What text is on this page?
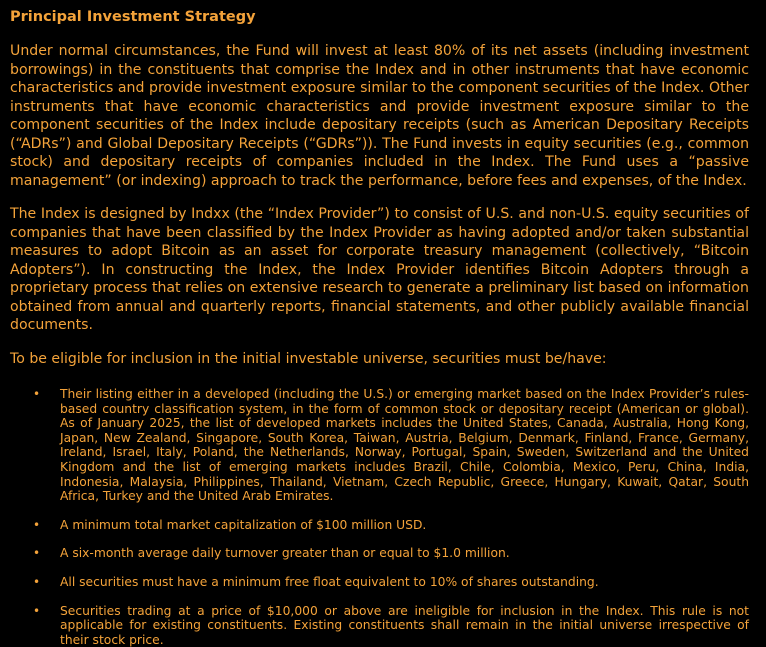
Principal Investment Strategy

Under normal circumstances, the Fund will invest at least 80% of its net assets (including investment borrowings) in the constituents that comprise the Index and in other instruments that have economic characteristics and provide investment exposure similar to the component securities of the Index. Other instruments that have economic characteristics and provide investment exposure similar to the component securities of the Index include depositary receipts (such as American Depositary Receipts (“ADRs”) and Global Depositary Receipts (“GDRs”)). The Fund invests in equity securities (e.g., common stock) and depositary receipts of companies included in the Index. The Fund uses a “passive management” (or indexing) approach to track the performance, before fees and expenses, of the Index.

The Index is designed by Indxx (the “Index Provider”) to consist of U.S. and non-U.S. equity securities of companies that have been classified by the Index Provider as having adopted and/or taken substantial measures to adopt Bitcoin as an asset for corporate treasury management (collectively, “Bitcoin Adopters”). In constructing the Index, the Index Provider identifies Bitcoin Adopters through a proprietary process that relies on extensive research to generate a preliminary list based on information obtained from annual and quarterly reports, financial statements, and other publicly available financial documents.

To be eligible for inclusion in the initial investable universe, securities must be/have:

• Their listing either in a developed (including the U.S.) or emerging market based on the Index Provider’s rules-based country classification system, in the form of common stock or depositary receipt (American or global). As of January 2025, the list of developed markets includes the United States, Canada, Australia, Hong Kong, Japan, New Zealand, Singapore, South Korea, Taiwan, Austria, Belgium, Denmark, Finland, France, Germany, Ireland, Israel, Italy, Poland, the Netherlands, Norway, Portugal, Spain, Sweden, Switzerland and the United Kingdom and the list of emerging markets includes Brazil, Chile, Colombia, Mexico, Peru, China, India, Indonesia, Malaysia, Philippines, Thailand, Vietnam, Czech Republic, Greece, Hungary, Kuwait, Qatar, South Africa, Turkey and the United Arab Emirates.
• A minimum total market capitalization of $100 million USD.
• A six-month average daily turnover greater than or equal to $1.0 million.
• All securities must have a minimum free float equivalent to 10% of shares outstanding.
• Securities trading at a price of $10,000 or above are ineligible for inclusion in the Index. This rule is not applicable for existing constituents. Existing constituents shall remain in the initial universe irrespective of their stock price.
